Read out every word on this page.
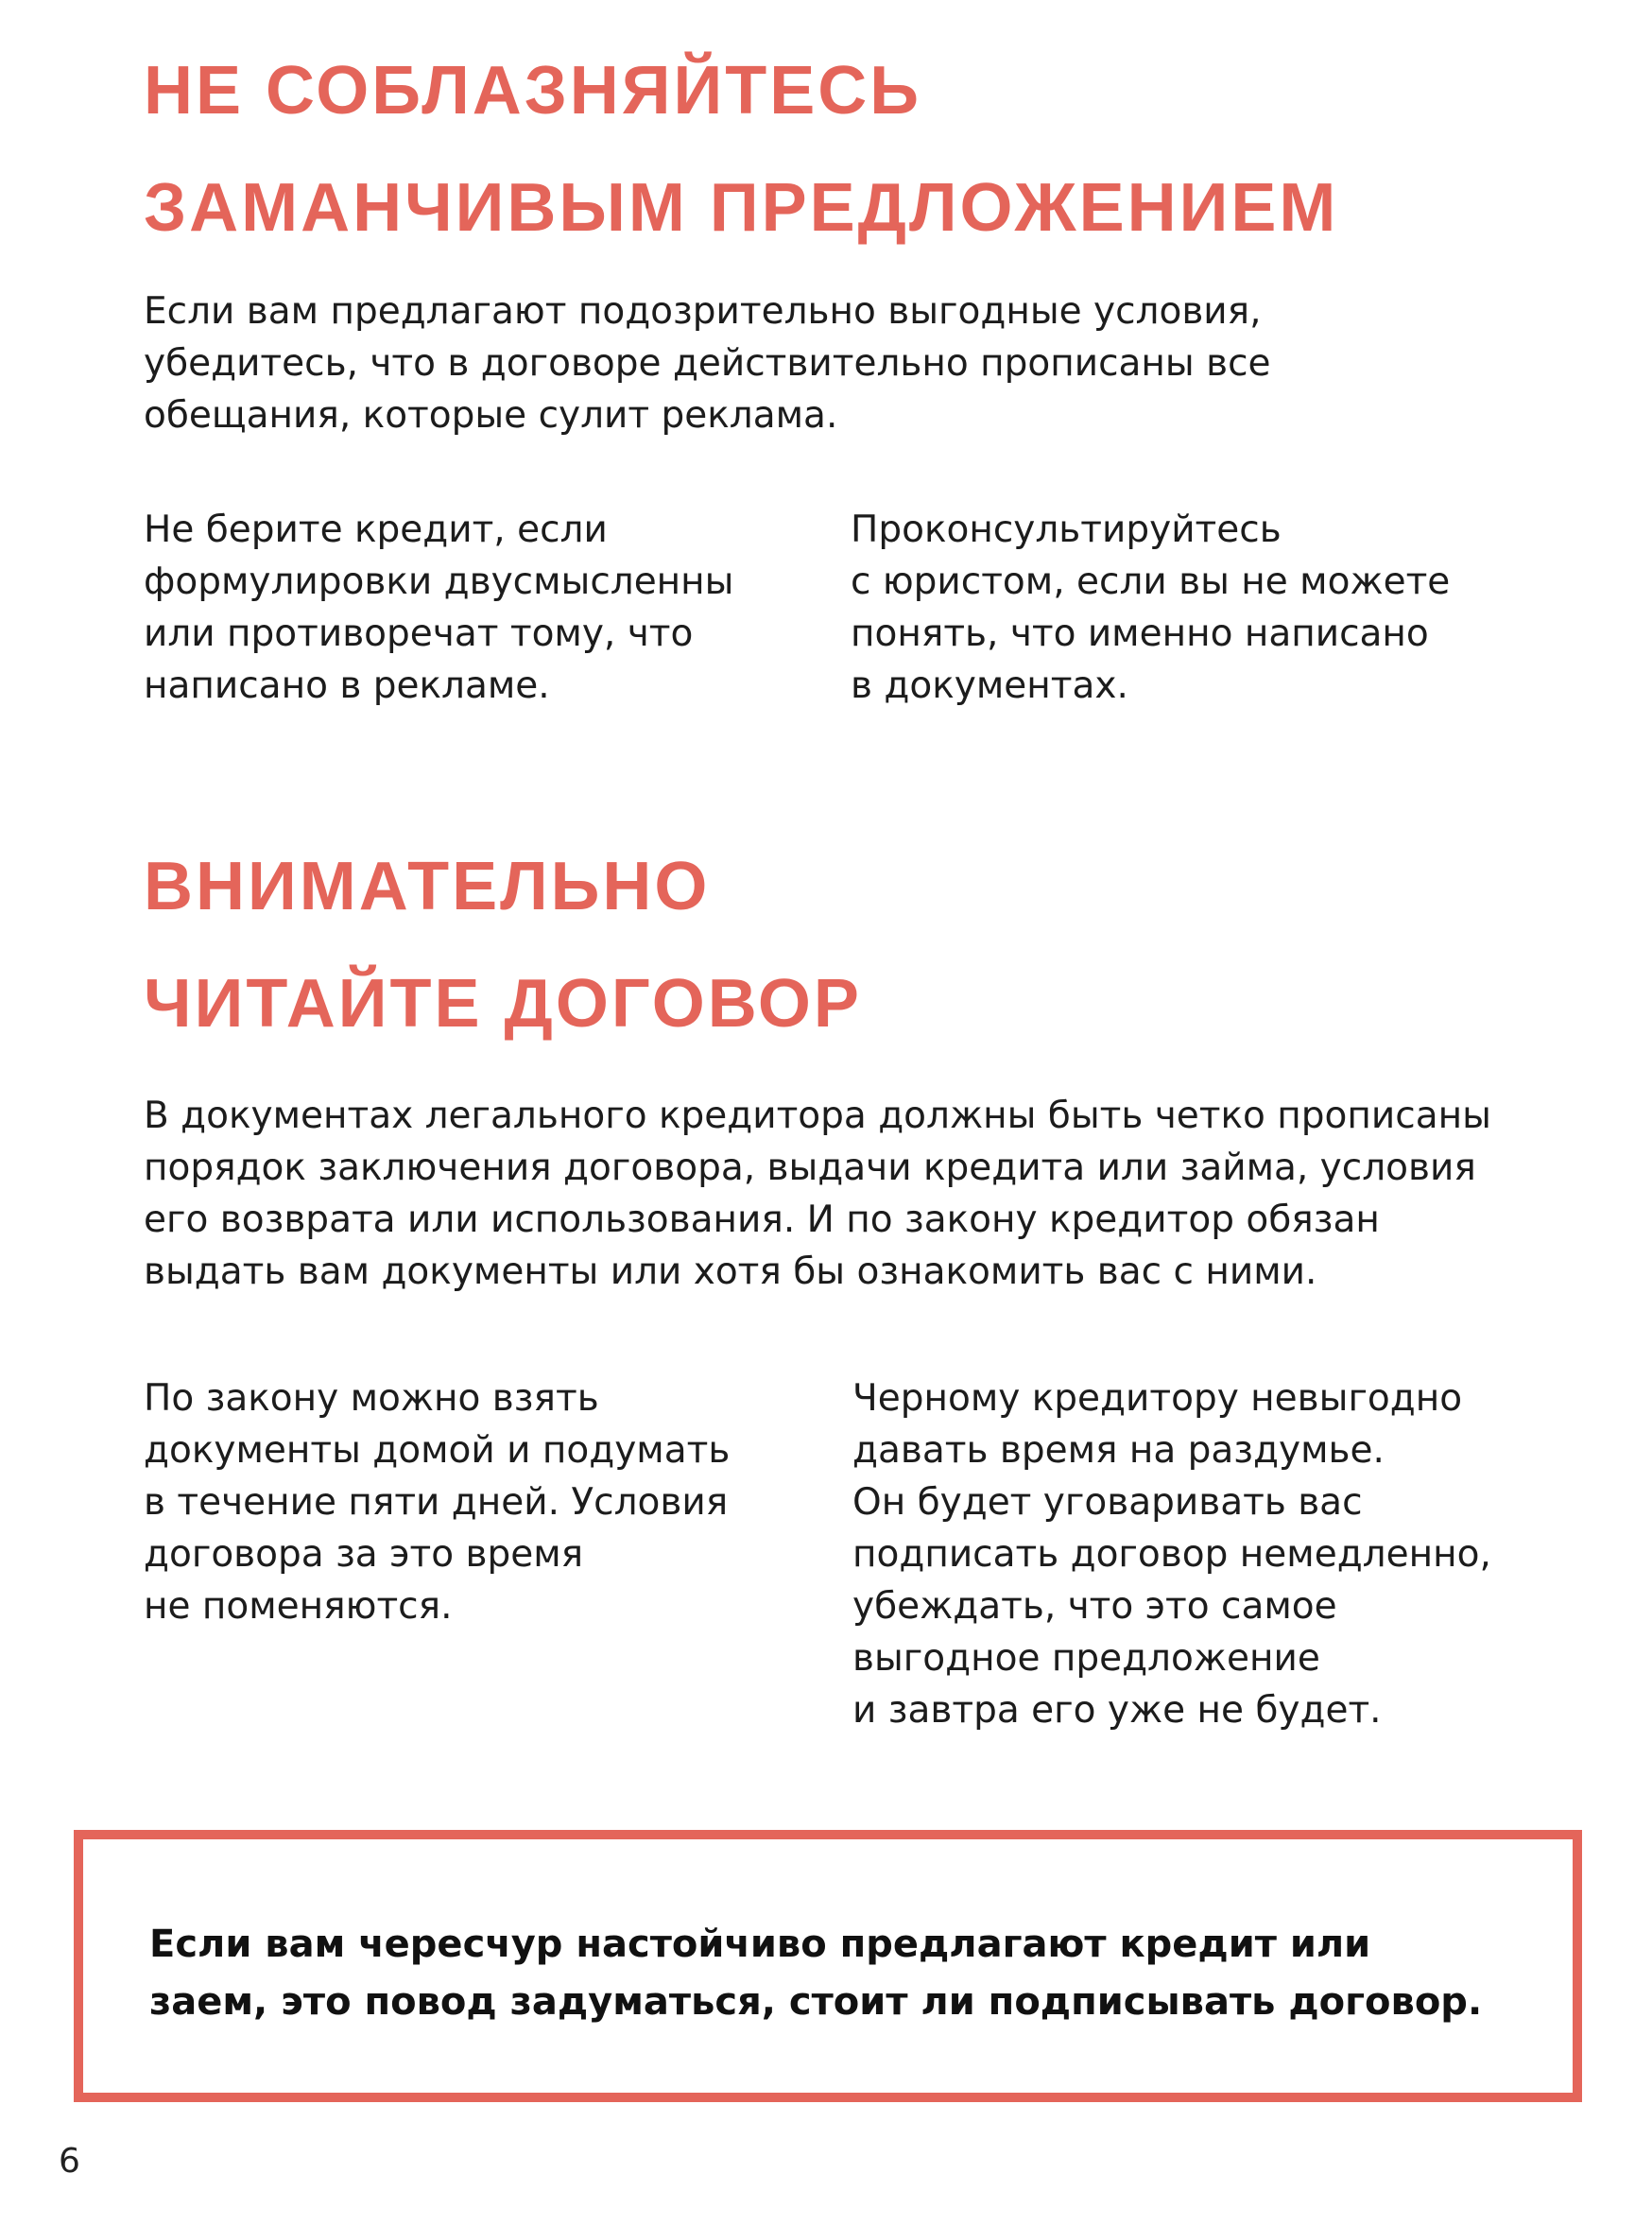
НЕ СОБЛАЗНЯЙТЕСЬ
ЗАМАНЧИВЫМ ПРЕДЛОЖЕНИЕМ

Если вам предлагают подозрительно выгодные условия,
убедитесь, что в договоре действительно прописаны все
обещания, которые сулит реклама.

Не берите кредит, если
формулировки двусмысленны
или противоречат тому, что
написано в рекламе.

Проконсультируйтесь
с юристом, если вы не можете
понять, что именно написано
в документах.

ВНИМАТЕЛЬНО
ЧИТАЙТЕ ДОГОВОР

В документах легального кредитора должны быть четко прописаны
порядок заключения договора, выдачи кредита или займа, условия
его возврата или использования. И по закону кредитор обязан
выдать вам документы или хотя бы ознакомить вас с ними.

По закону можно взять
документы домой и подумать
в течение пяти дней. Условия
договора за это время
не поменяются.

Черному кредитору невыгодно
давать время на раздумье.
Он будет уговаривать вас
подписать договор немедленно,
убеждать, что это самое
выгодное предложение
и завтра его уже не будет.

Если вам чересчур настойчиво предлагают кредит или
заем, это повод задуматься, стоит ли подписывать договор.

6
